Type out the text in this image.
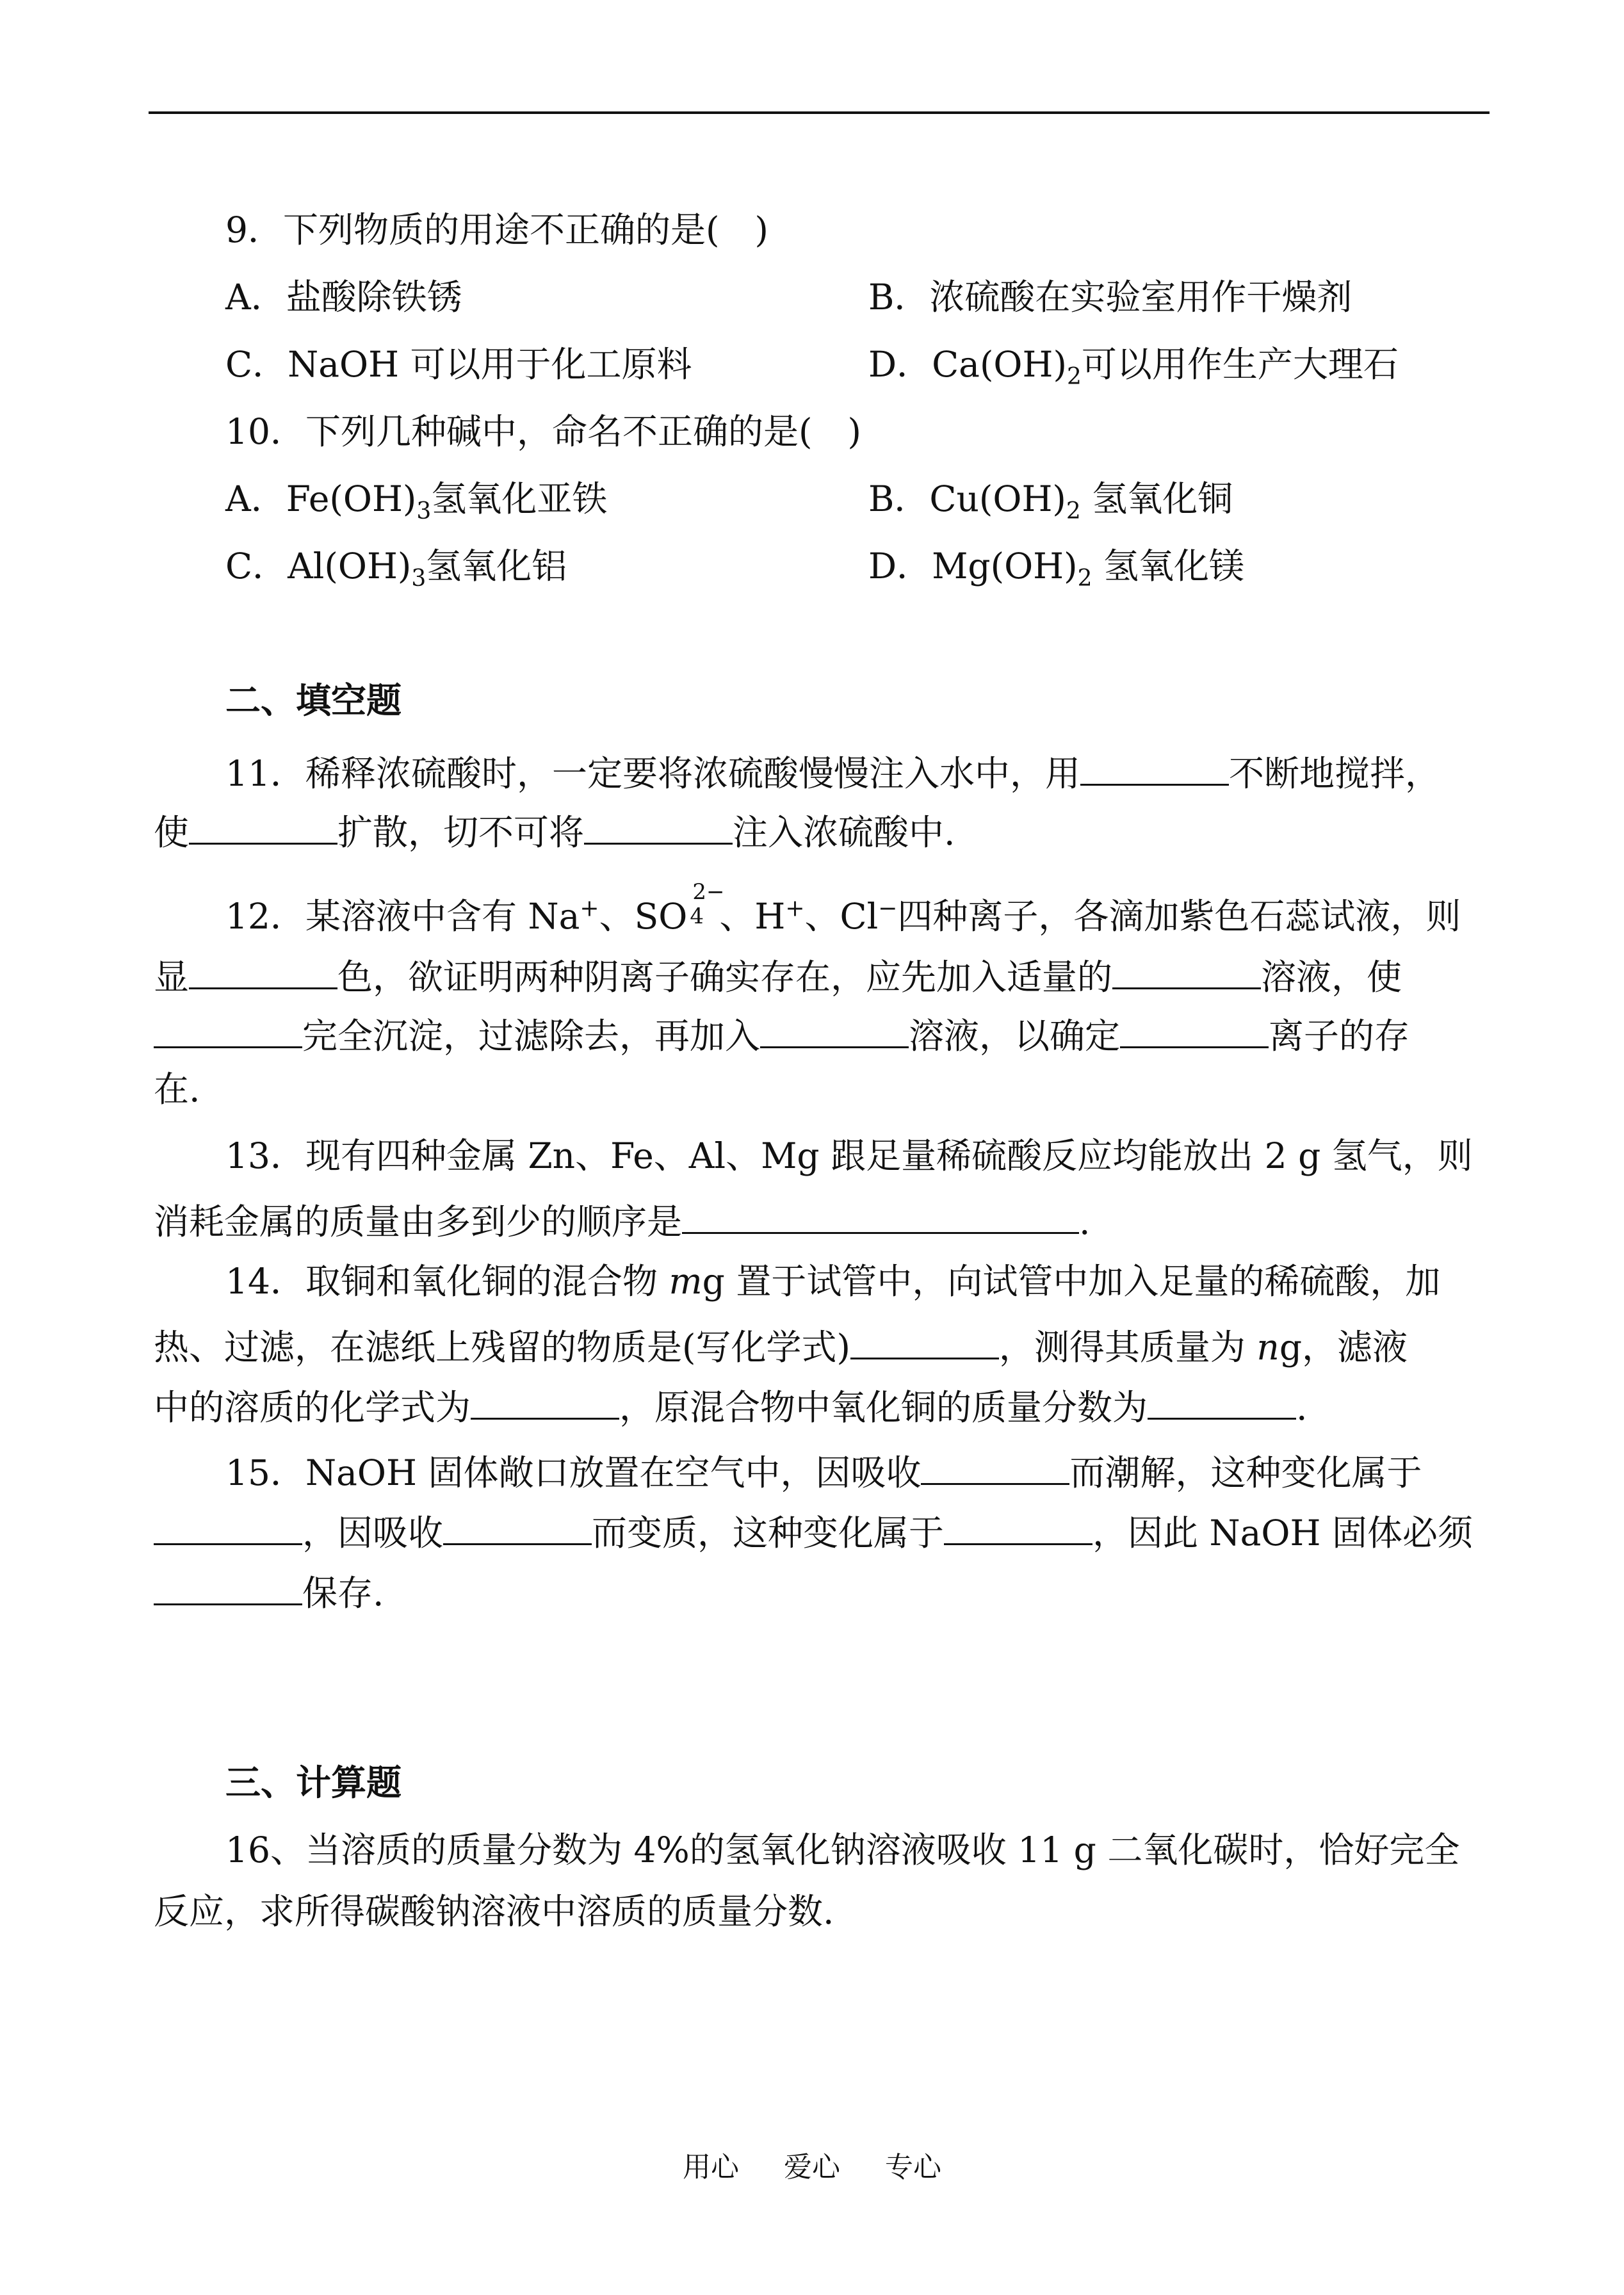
9．下列物质的用途不正确的是(　)
A．盐酸除铁锈	B．浓硫酸在实验室用作干燥剂
C．NaOH 可以用于化工原料	D．$Ca(OH)_2$可以用作生产大理石
10．下列几种碱中，命名不正确的是(　)
A．$Fe(OH)_3$氢氧化亚铁	B．$Cu(OH)_2$ 氢氧化铜
C．$Al(OH)_3$氢氧化铝	D．$Mg(OH)_2$ 氢氧化镁
二、填空题
11．稀释浓硫酸时，一定要将浓硫酸慢慢注入水中，用	不断地搅拌，
使	扩散，切不可将	注入浓硫酸中.
12．某溶液中含有 Na+、SO
2−
4 、H+、Cl−四种离子，各滴加紫色石蕊试液，则
显	色，欲证明两种阴离子确实存在，应先加入适量的	溶液，使
完全沉淀，过滤除去，再加入	溶液，以确定	离子的存
在.
13．现有四种金属 Zn、Fe、Al、Mg 跟足量稀硫酸反应均能放出 2 g 氢气，则
消耗金属的质量由多到少的顺序是	.
14．取铜和氧化铜的混合物 mg 置于试管中，向试管中加入足量的稀硫酸，加
热、过滤，在滤纸上残留的物质是(写化学式)	，测得其质量为 ng，滤液
中的溶质的化学式为	，原混合物中氧化铜的质量分数为	.
15．NaOH 固体敞口放置在空气中，因吸收	而潮解，这种变化属于
，因吸收	而变质，这种变化属于	，因此 NaOH 固体必须
保存.
三、计算题
16、当溶质的质量分数为 4%的氢氧化钠溶液吸收 11 g 二氧化碳时，恰好完全
反应，求所得碳酸钠溶液中溶质的质量分数.
用心 爱心 专心
